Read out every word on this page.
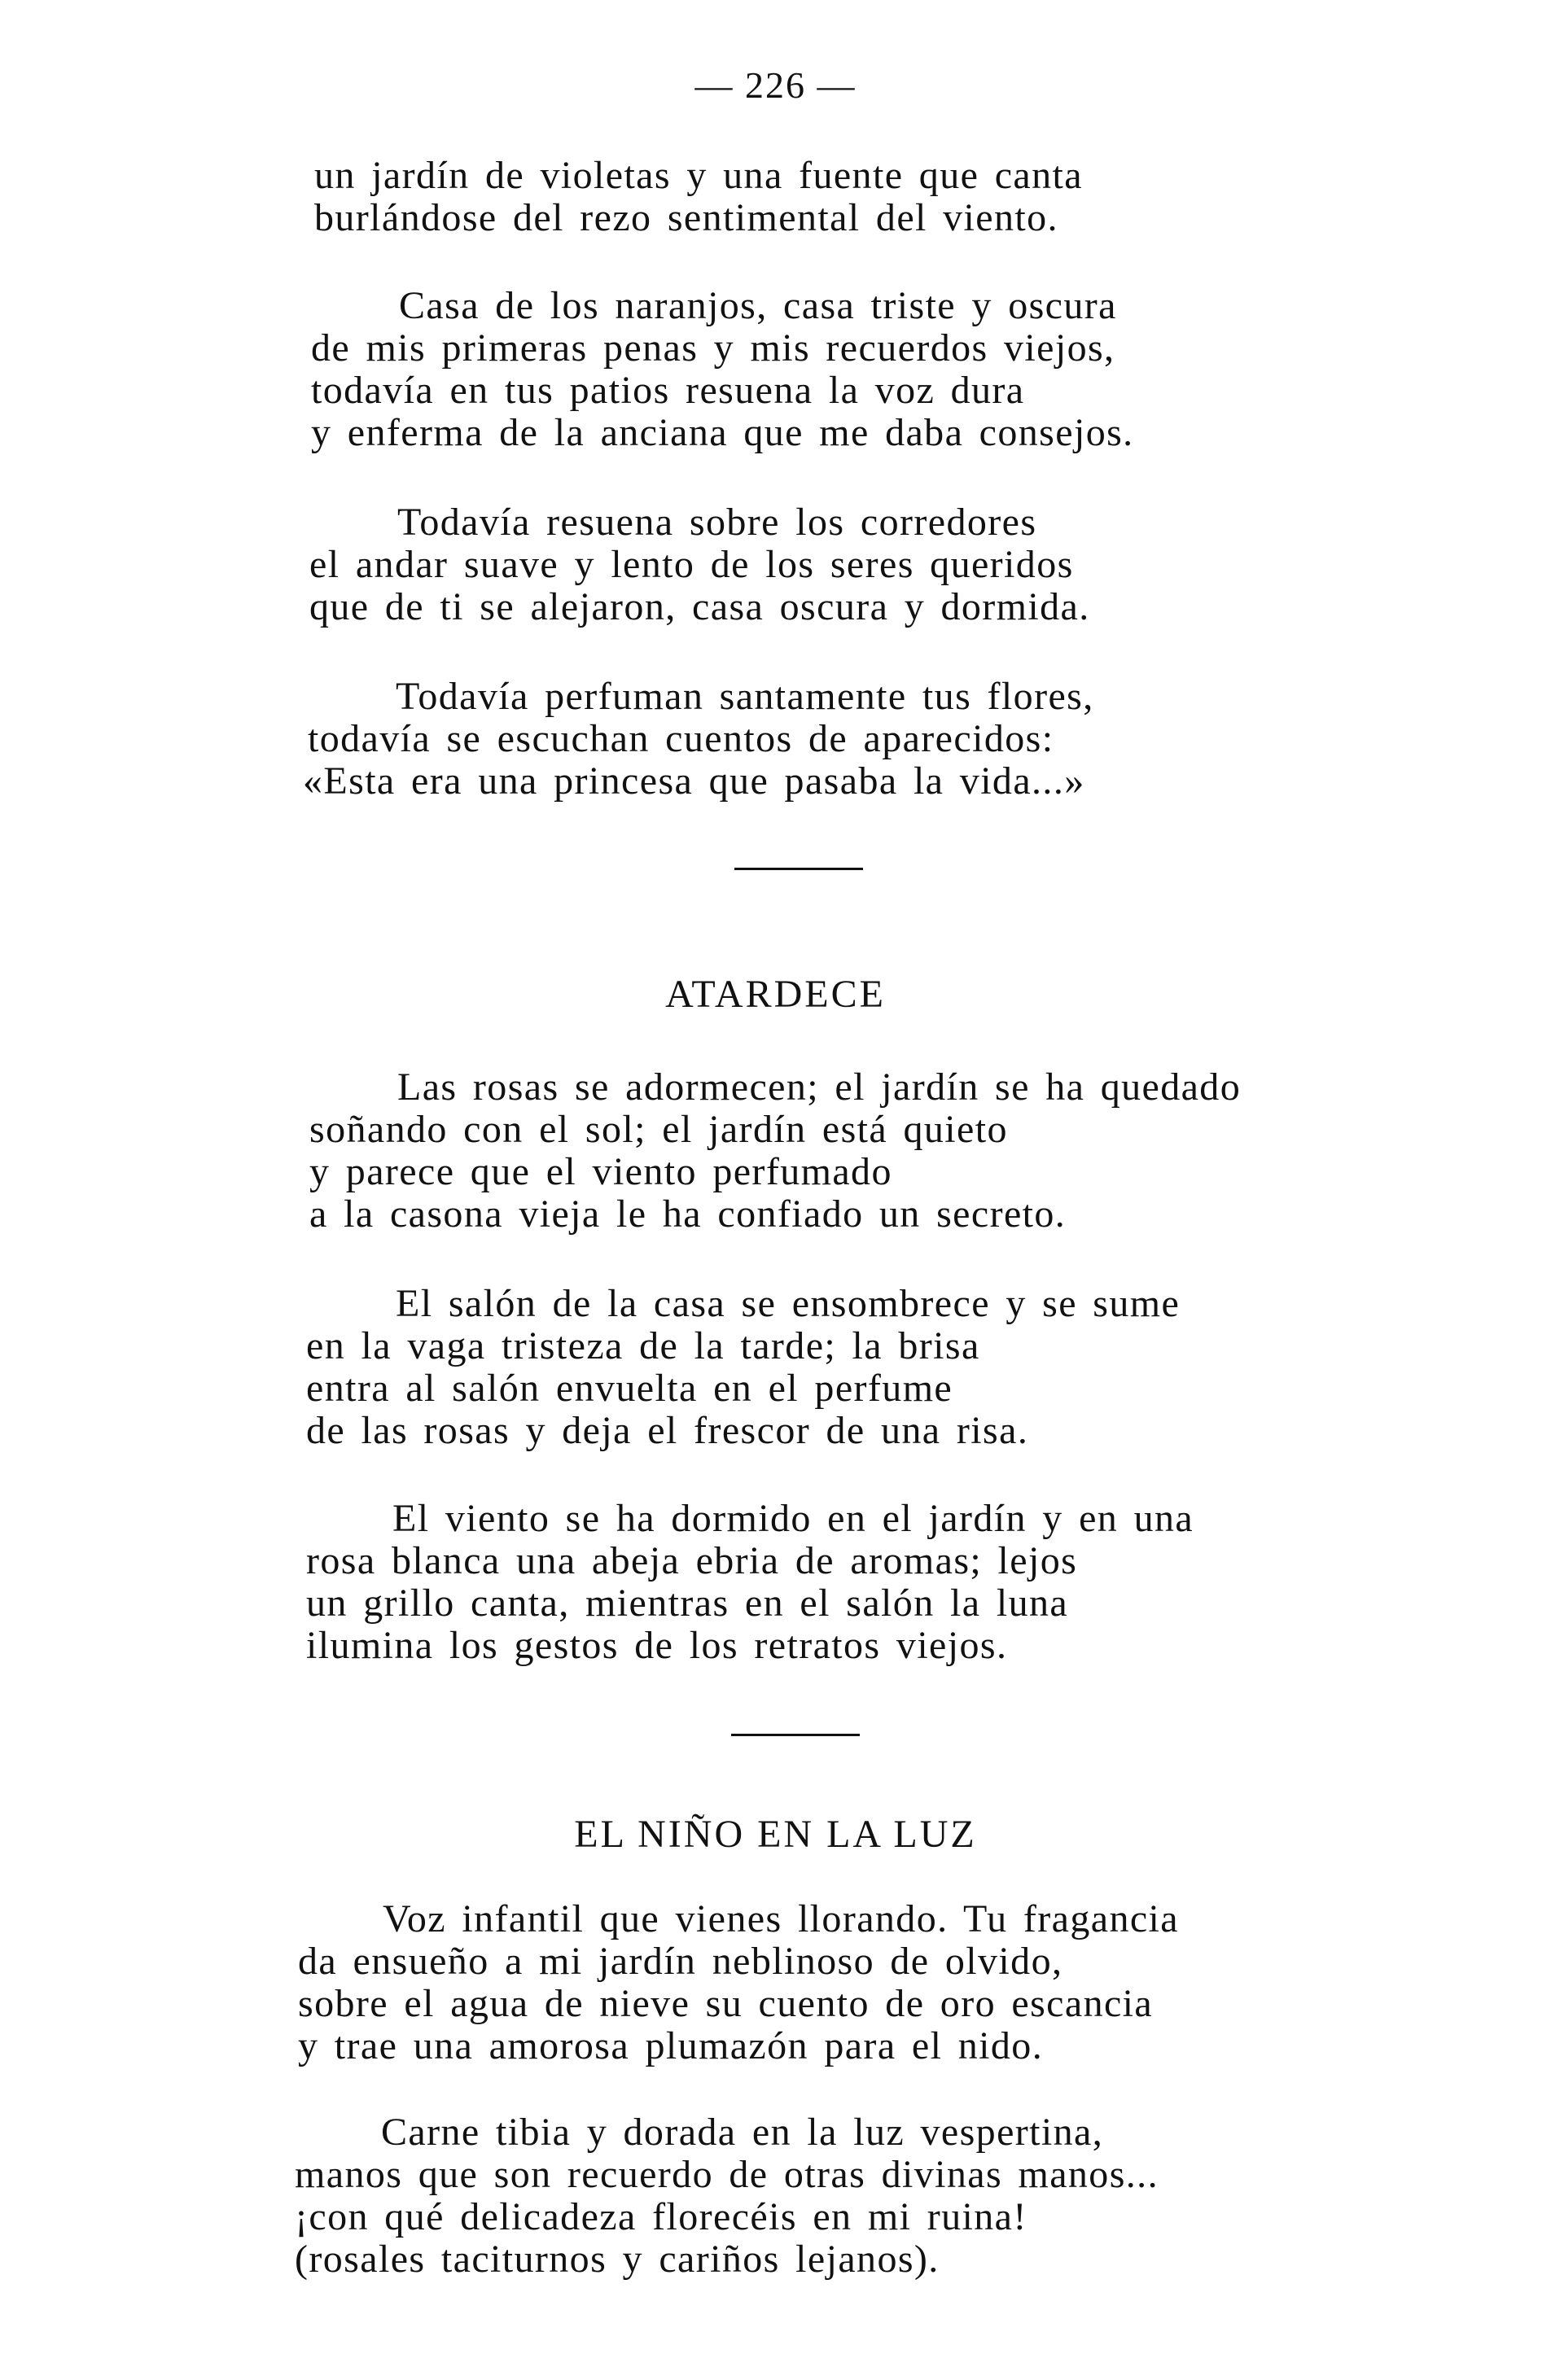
— 226 —
un jardín de violetas y una fuente que canta
burlándose del rezo sentimental del viento.
Casa de los naranjos, casa triste y oscura
de mis primeras penas y mis recuerdos viejos,
todavía en tus patios resuena la voz dura
y enferma de la anciana que me daba consejos.
Todavía resuena sobre los corredores
el andar suave y lento de los seres queridos
que de ti se alejaron, casa oscura y dormida.
Todavía perfuman santamente tus flores,
todavía se escuchan cuentos de aparecidos:
«Esta era una princesa que pasaba la vida...»
ATARDECE
Las rosas se adormecen; el jardín se ha quedado
soñando con el sol; el jardín está quieto
y parece que el viento perfumado
a la casona vieja le ha confiado un secreto.
El salón de la casa se ensombrece y se sume
en la vaga tristeza de la tarde; la brisa
entra al salón envuelta en el perfume
de las rosas y deja el frescor de una risa.
El viento se ha dormido en el jardín y en una
rosa blanca una abeja ebria de aromas; lejos
un grillo canta, mientras en el salón la luna
ilumina los gestos de los retratos viejos.
EL NIÑO EN LA LUZ
Voz infantil que vienes llorando. Tu fragancia
da ensueño a mi jardín neblinoso de olvido,
sobre el agua de nieve su cuento de oro escancia
y trae una amorosa plumazón para el nido.
Carne tibia y dorada en la luz vespertina,
manos que son recuerdo de otras divinas manos...
¡con qué delicadeza florecéis en mi ruina!
(rosales taciturnos y cariños lejanos).
